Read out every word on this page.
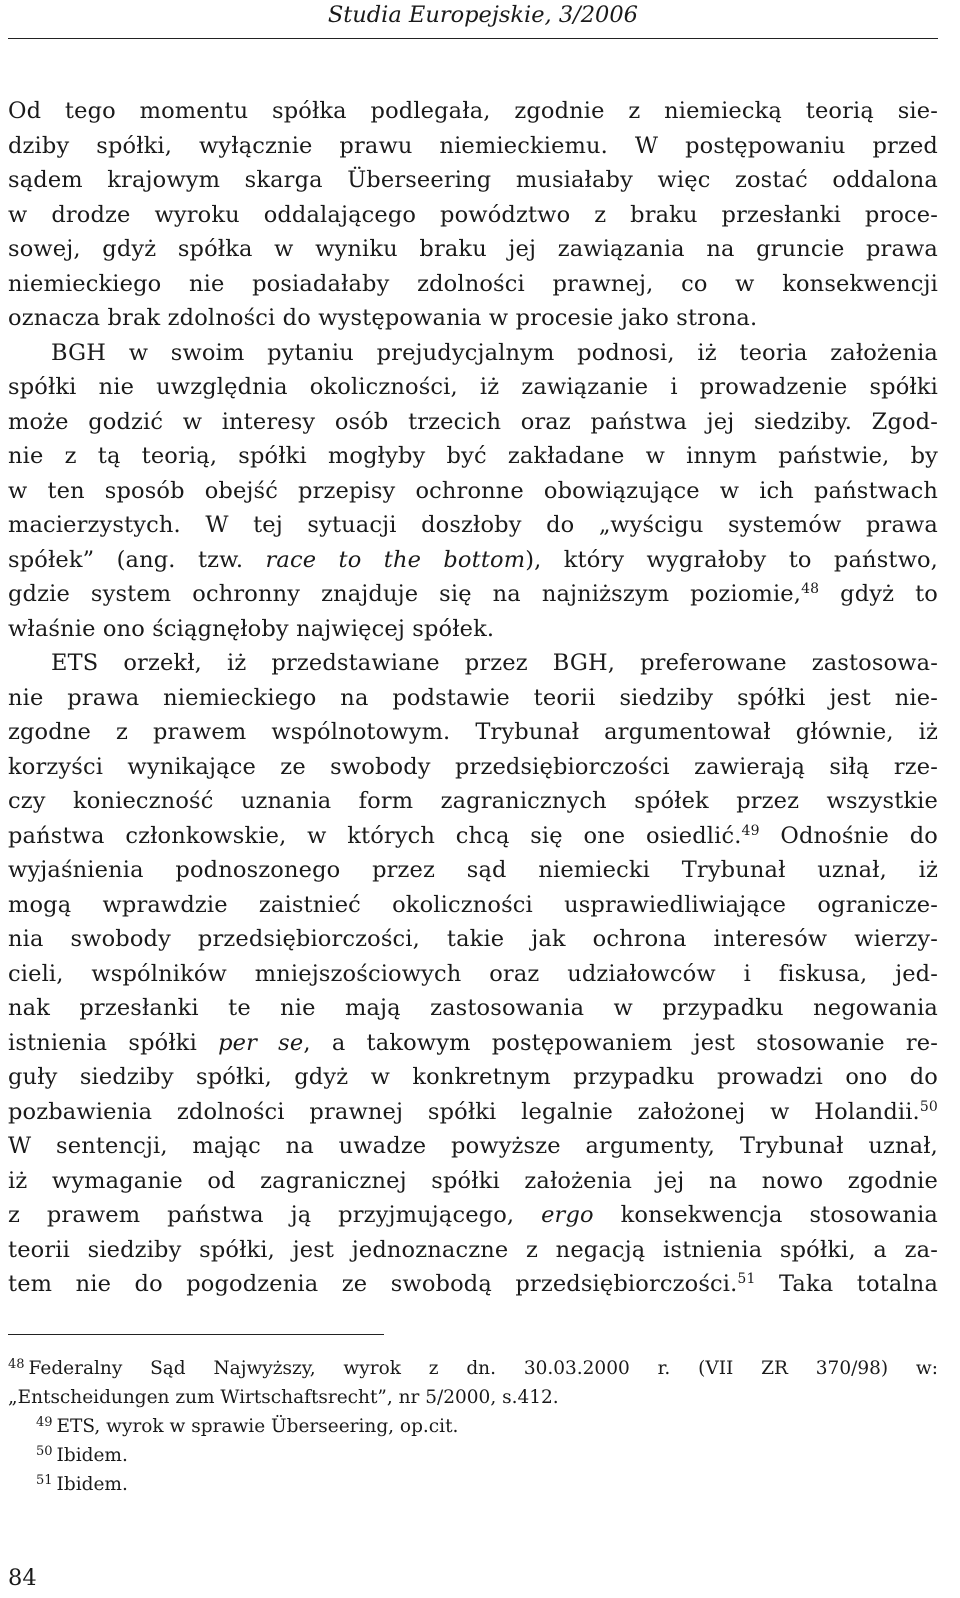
Studia Europejskie, 3/2006
Od tego momentu spółka podlegała, zgodnie z niemiecką teorią sie-
dziby spółki, wyłącznie prawu niemieckiemu. W postępowaniu przed
sądem krajowym skarga Überseering musiałaby więc zostać oddalona
w drodze wyroku oddalającego powództwo z braku przesłanki proce-
sowej, gdyż spółka w wyniku braku jej zawiązania na gruncie prawa
niemieckiego nie posiadałaby zdolności prawnej, co w konsekwencji
oznacza brak zdolności do występowania w procesie jako strona.
BGH w swoim pytaniu prejudycjalnym podnosi, iż teoria założenia
spółki nie uwzględnia okoliczności, iż zawiązanie i prowadzenie spółki
może godzić w interesy osób trzecich oraz państwa jej siedziby. Zgod-
nie z tą teorią, spółki mogłyby być zakładane w innym państwie, by
w ten sposób obejść przepisy ochronne obowiązujące w ich państwach
macierzystych. W tej sytuacji doszłoby do „wyścigu systemów prawa
spółek” (ang. tzw. race to the bottom), który wygrałoby to państwo,
gdzie system ochronny znajduje się na najniższym poziomie,$^{48}$ gdyż to
właśnie ono ściągnęłoby najwięcej spółek.
ETS orzekł, iż przedstawiane przez BGH, preferowane zastosowa-
nie prawa niemieckiego na podstawie teorii siedziby spółki jest nie-
zgodne z prawem wspólnotowym. Trybunał argumentował głównie, iż
korzyści wynikające ze swobody przedsiębiorczości zawierają siłą rze-
czy konieczność uznania form zagranicznych spółek przez wszystkie
państwa członkowskie, w których chcą się one osiedlić.$^{49}$ Odnośnie do
wyjaśnienia podnoszonego przez sąd niemiecki Trybunał uznał, iż
mogą wprawdzie zaistnieć okoliczności usprawiedliwiające ogranicze-
nia swobody przedsiębiorczości, takie jak ochrona interesów wierzy-
cieli, wspólników mniejszościowych oraz udziałowców i fiskusa, jed-
nak przesłanki te nie mają zastosowania w przypadku negowania
istnienia spółki per se, a takowym postępowaniem jest stosowanie re-
guły siedziby spółki, gdyż w konkretnym przypadku prowadzi ono do
pozbawienia zdolności prawnej spółki legalnie założonej w Holandii.$^{50}$
W sentencji, mając na uwadze powyższe argumenty, Trybunał uznał,
iż wymaganie od zagranicznej spółki założenia jej na nowo zgodnie
z prawem państwa ją przyjmującego, ergo konsekwencja stosowania
teorii siedziby spółki, jest jednoznaczne z negacją istnienia spółki, a za-
tem nie do pogodzenia ze swobodą przedsiębiorczości.$^{51}$ Taka totalna
$^{48}$ Federalny Sąd Najwyższy, wyrok z dn. 30.03.2000 r. (VII ZR 370/98) w:
„Entscheidungen zum Wirtschaftsrecht”, nr 5/2000, s.412.
$^{49}$ ETS, wyrok w sprawie Überseering, op.cit.
$^{50}$ Ibidem.
$^{51}$ Ibidem.
84
